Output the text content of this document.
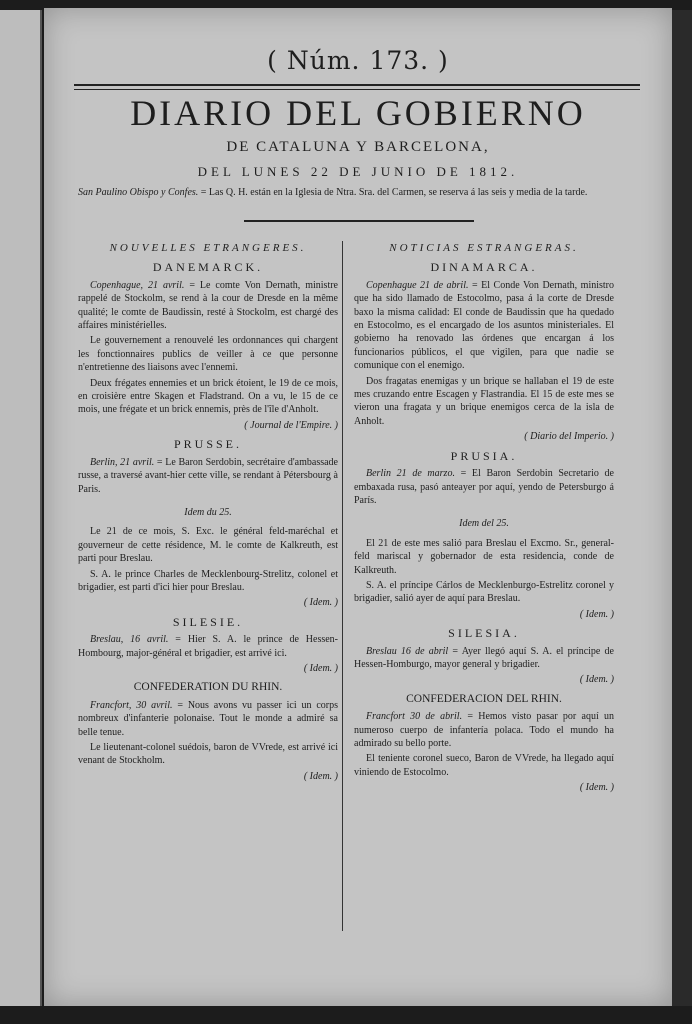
( Núm. 173. )
DIARIO DEL GOBIERNO
DE CATALUNA Y BARCELONA,
DEL LUNES 22 DE JUNIO DE 1812.
San Paulino Obispo y Confes. = Las Q. H. están en la Iglesia de Ntra. Sra. del Carmen, se reserva á las seis y media de la tarde.
NOUVELLES ETRANGERES.
DANEMARCK.
Copenhague, 21 avril. = Le comte Von Dernath, ministre rappelé de Stockolm, se rend à la cour de Dresde en la même qualité; le comte de Baudissin, resté à Stockolm, est chargé des affaires ministérielles.
Le gouvernement a renouvelé les ordonnances qui chargent les fonctionnaires publics de veiller à ce que personne n'entretienne des liaisons avec l'ennemi.
Deux frégates ennemies et un brick étoient, le 19 de ce mois, en croisière entre Skagen et Fladstrand. On a vu, le 15 de ce mois, une frégate et un brick ennemis, près de l'île d'Anholt.
( Journal de l'Empire. )
PRUSSE.
Berlin, 21 avril. = Le Baron Serdobin, secrétaire d'ambassade russe, a traversé avant-hier cette ville, se rendant à Pétersbourg à Paris.
Idem du 25.
Le 21 de ce mois, S. Exc. le général feld-maréchal et gouverneur de cette résidence, M. le comte de Kalkreuth, est parti pour Breslau.
S. A. le prince Charles de Mecklenbourg-Strelitz, colonel et brigadier, est parti d'ici hier pour Breslau.
( Idem. )
SILESIE.
Breslau, 16 avril. = Hier S. A. le prince de Hessen-Hombourg, major-général et brigadier, est arrivé ici.
( Idem. )
CONFEDERATION DU RHIN.
Francfort, 30 avril. = Nous avons vu passer ici un corps nombreux d'infanterie polonaise. Tout le monde a admiré sa belle tenue.
Le lieutenant-colonel suédois, baron de VVrede, est arrivé ici venant de Stockholm.
( Idem. )
NOTICIAS ESTRANGERAS.
DINAMARCA.
Copenhague 21 de abril. = El Conde Von Dernath, ministro que ha sido llamado de Estocolmo, pasa á la corte de Dresde baxo la misma calidad: El conde de Baudissin que ha quedado en Estocolmo, es el encargado de los asuntos ministeriales. El gobierno ha renovado las órdenes que encargan á los funcionarios públicos, el que vigilen, para que nadie se comunique con el enemigo.
Dos fragatas enemigas y un brique se hallaban el 19 de este mes cruzando entre Escagen y Flastrandia. El 15 de este mes se vieron una fragata y un brique enemigos cerca de la isla de Anholt.
( Diario del Imperio. )
PRUSIA.
Berlin 21 de marzo. = El Baron Serdobin Secretario de embaxada rusa, pasó anteayer por aquí, yendo de Petersburgo á París.
Idem del 25.
El 21 de este mes salió para Breslau el Excmo. Sr., general-feld mariscal y gobernador de esta residencia, conde de Kalkreuth.
S. A. el príncipe Cárlos de Mecklenburgo-Estrelitz coronel y brigadier, salió ayer de aquí para Breslau.
( Idem. )
SILESIA.
Breslau 16 de abril = Ayer llegó aquí S. A. el príncipe de Hessen-Homburgo, mayor general y brigadier.
( Idem. )
CONFEDERACION DEL RHIN.
Francfort 30 de abril. = Hemos visto pasar por aquí un numeroso cuerpo de infantería polaca. Todo el mundo ha admirado su bello porte.
El teniente coronel sueco, Baron de VVrede, ha llegado aquí viniendo de Estocolmo.
( Idem. )
